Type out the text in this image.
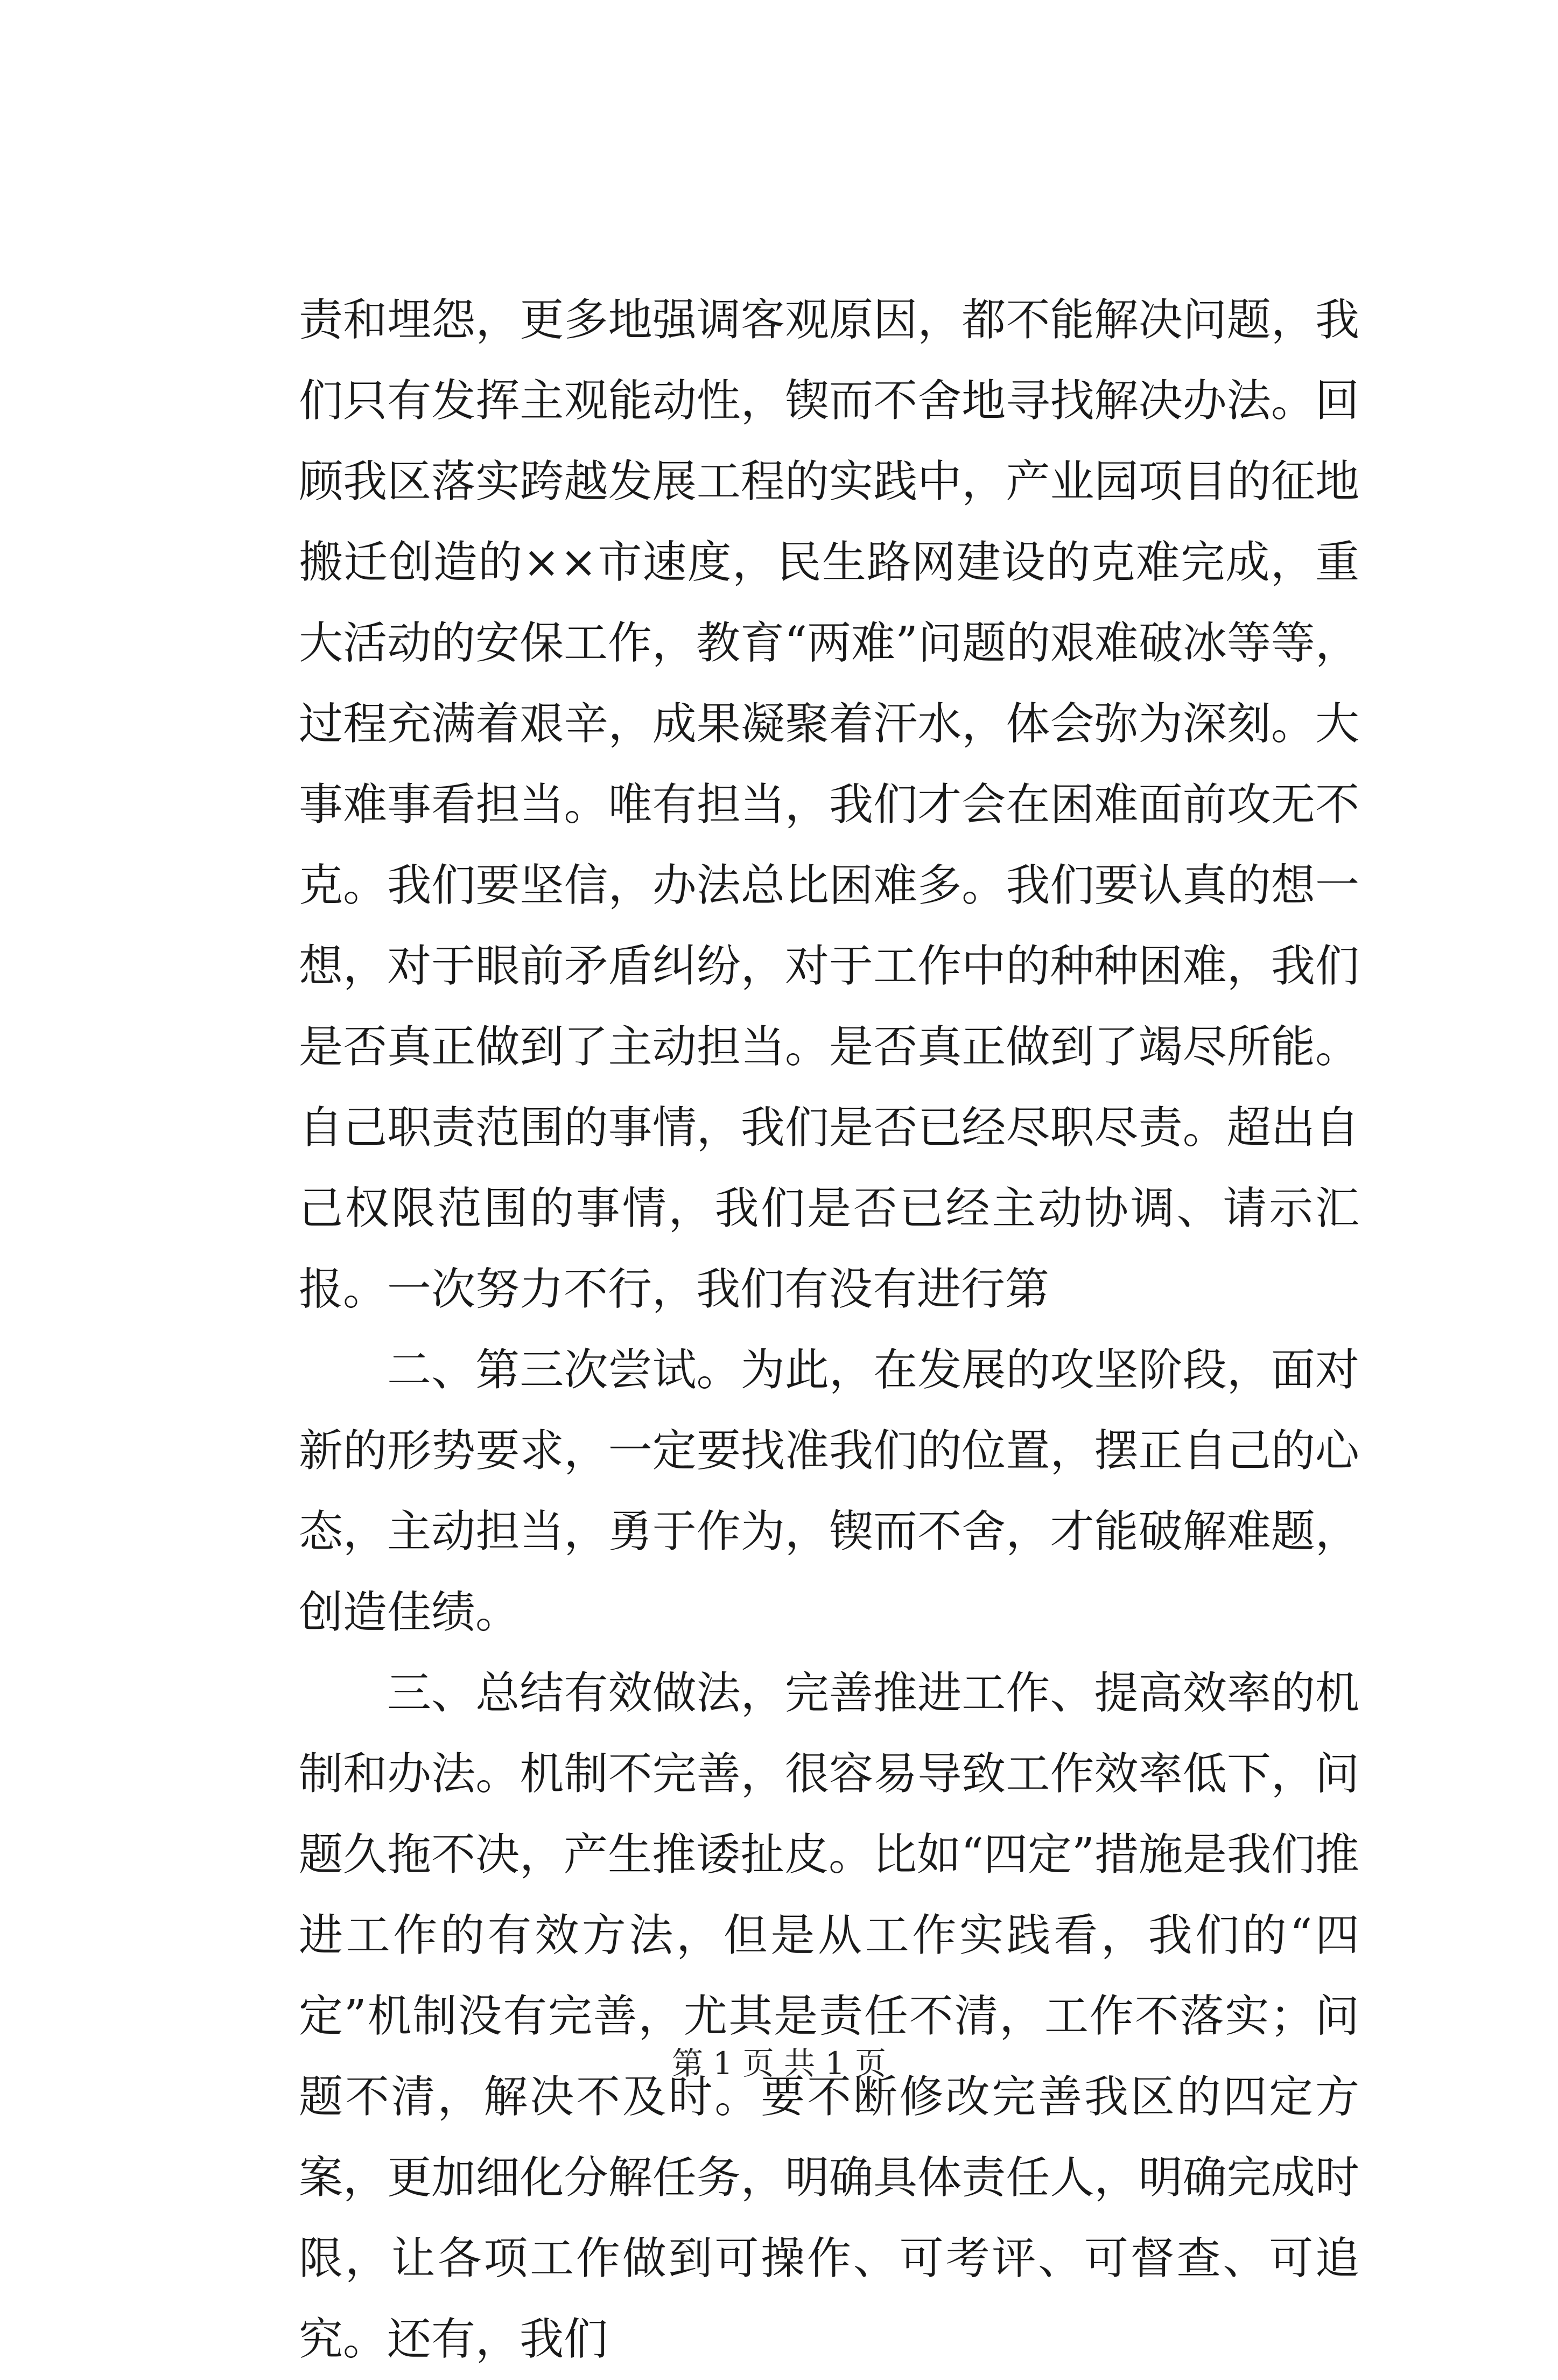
责和埋怨，更多地强调客观原因，都不能解决问题，我们只有发挥主观能动性，锲而不舍地寻找解决办法。回顾我区落实跨越发展工程的实践中，产业园项目的征地搬迁创造的××市速度，民生路网建设的克难完成，重大活动的安保工作，教育“两难”问题的艰难破冰等等，过程充满着艰辛，成果凝聚着汗水，体会弥为深刻。大事难事看担当。唯有担当，我们才会在困难面前攻无不克。我们要坚信，办法总比困难多。我们要认真的想一想，对于眼前矛盾纠纷，对于工作中的种种困难，我们是否真正做到了主动担当。是否真正做到了竭尽所能。自己职责范围的事情，我们是否已经尽职尽责。超出自己权限范围的事情，我们是否已经主动协调、请示汇报。一次努力不行，我们有没有进行第

二、第三次尝试。为此，在发展的攻坚阶段，面对新的形势要求，一定要找准我们的位置，摆正自己的心态，主动担当，勇于作为，锲而不舍，才能破解难题，创造佳绩。

三、总结有效做法，完善推进工作、提高效率的机制和办法。机制不完善，很容易导致工作效率低下，问题久拖不决，产生推诿扯皮。比如“四定”措施是我们推进工作的有效方法，但是从工作实践看，我们的“四定”机制没有完善，尤其是责任不清，工作不落实；问题不清，解决不及时。要不断修改完善我区的四定方案，更加细化分解任务，明确具体责任人，明确完成时限，让各项工作做到可操作、可考评、可督查、可追究。还有，我们

第 1 页 共 1 页
